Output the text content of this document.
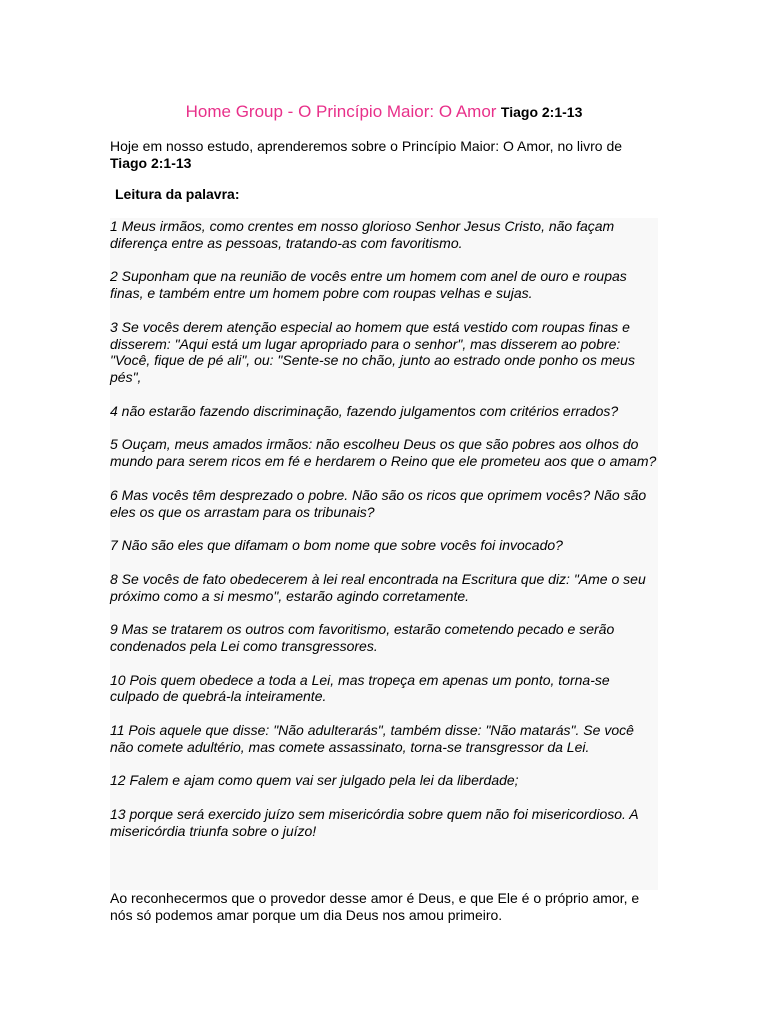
Home Group - O Princípio Maior: O Amor Tiago 2:1-13
Hoje em nosso estudo, aprenderemos sobre o Princípio Maior: O Amor, no livro de
Tiago 2:1-13
Leitura da palavra:

1 Meus irmãos, como crentes em nosso glorioso Senhor Jesus Cristo, não façam diferença entre as pessoas, tratando-as com favoritismo.

2 Suponham que na reunião de vocês entre um homem com anel de ouro e roupas finas, e também entre um homem pobre com roupas velhas e sujas.

3 Se vocês derem atenção especial ao homem que está vestido com roupas finas e disserem: "Aqui está um lugar apropriado para o senhor", mas disserem ao pobre: "Você, fique de pé ali", ou: "Sente-se no chão, junto ao estrado onde ponho os meus pés",

4 não estarão fazendo discriminação, fazendo julgamentos com critérios errados?

5 Ouçam, meus amados irmãos: não escolheu Deus os que são pobres aos olhos do mundo para serem ricos em fé e herdarem o Reino que ele prometeu aos que o amam?

6 Mas vocês têm desprezado o pobre. Não são os ricos que oprimem vocês? Não são eles os que os arrastam para os tribunais?

7 Não são eles que difamam o bom nome que sobre vocês foi invocado?

8 Se vocês de fato obedecerem à lei real encontrada na Escritura que diz: "Ame o seu próximo como a si mesmo", estarão agindo corretamente.

9 Mas se tratarem os outros com favoritismo, estarão cometendo pecado e serão condenados pela Lei como transgressores.

10 Pois quem obedece a toda a Lei, mas tropeça em apenas um ponto, torna-se culpado de quebrá-la inteiramente.

11 Pois aquele que disse: "Não adulterarás", também disse: "Não matarás". Se você não comete adultério, mas comete assassinato, torna-se transgressor da Lei.

12 Falem e ajam como quem vai ser julgado pela lei da liberdade;

13 porque será exercido juízo sem misericórdia sobre quem não foi misericordioso. A misericórdia triunfa sobre o juízo!

Ao reconhecermos que o provedor desse amor é Deus, e que Ele é o próprio amor, e nós só podemos amar porque um dia Deus nos amou primeiro.
